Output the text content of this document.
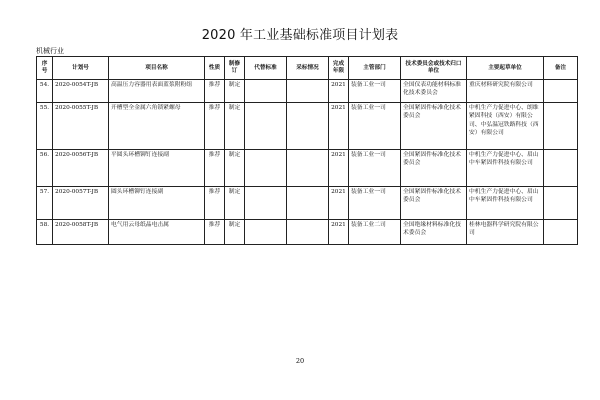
2020 年工业基础标准项目计划表
机械行业
序号	计划号	项目名称	性质	制修订	代替标准	采标情况	完成年限	主管部门	技术委员会或技术归口单位	主要起草单位	备注
54.	2020-0054T-JB	高温压力容器用表面蓝浆附粉组	推荐	制定			2021	装备工业一司	全国仪表功能材料标准化技术委员会	重庆材料研究院有限公司	
55.	2020-0055T-JB	开槽型全金属六角锁紧螺母	推荐	制定			2021	装备工业一司	全国紧固件标准化技术委员会	中机生产力促进中心、朗维紧固科技（西安）有限公司、中弘温冠铁路科技（西安）有限公司	
56.	2020-0056T-JB	平圆头环槽铆钉连接副	推荐	制定			2021	装备工业一司	全国紧固件标准化技术委员会	中机生产力促进中心、眉山中车紧固件科技有限公司	
57.	2020-0057T-JB	圆头环槽铆钉连接副	推荐	制定			2021	装备工业一司	全国紧固件标准化技术委员会	中机生产力促进中心、眉山中车紧固件科技有限公司	
58.	2020-0058T-JB	电气用云母纸晶电击属	推荐	制定			2021	装备工业二司	全国绝缘材料标准化技术委员会	桂林电器科学研究院有限公司	
20
